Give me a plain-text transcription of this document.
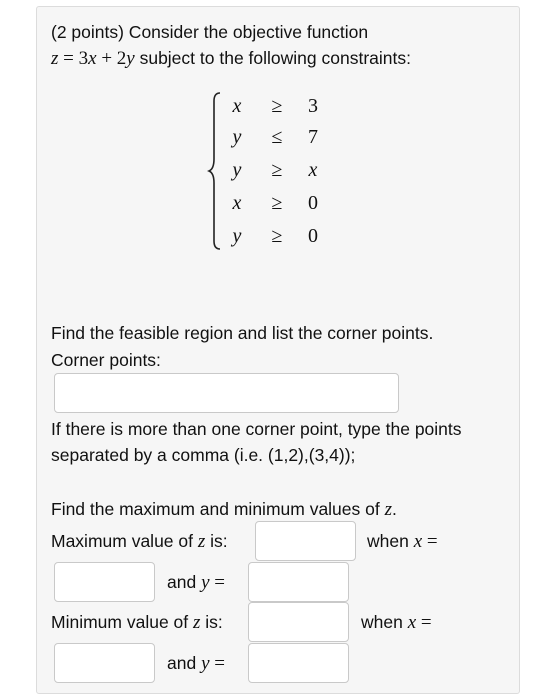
(2 points) Consider the objective function
z = 3x + 2y subject to the following constraints:
x	≥	3
y	≤	7
y	≥	x
x	≥	0
y	≥	0
Find the feasible region and list the corner points.
Corner points:
If there is more than one corner point, type the points
separated by a comma (i.e. (1,2),(3,4));
Find the maximum and minimum values of z.
Maximum value of z is:	when x =
and y =
Minimum value of z is:	when x =
and y =
